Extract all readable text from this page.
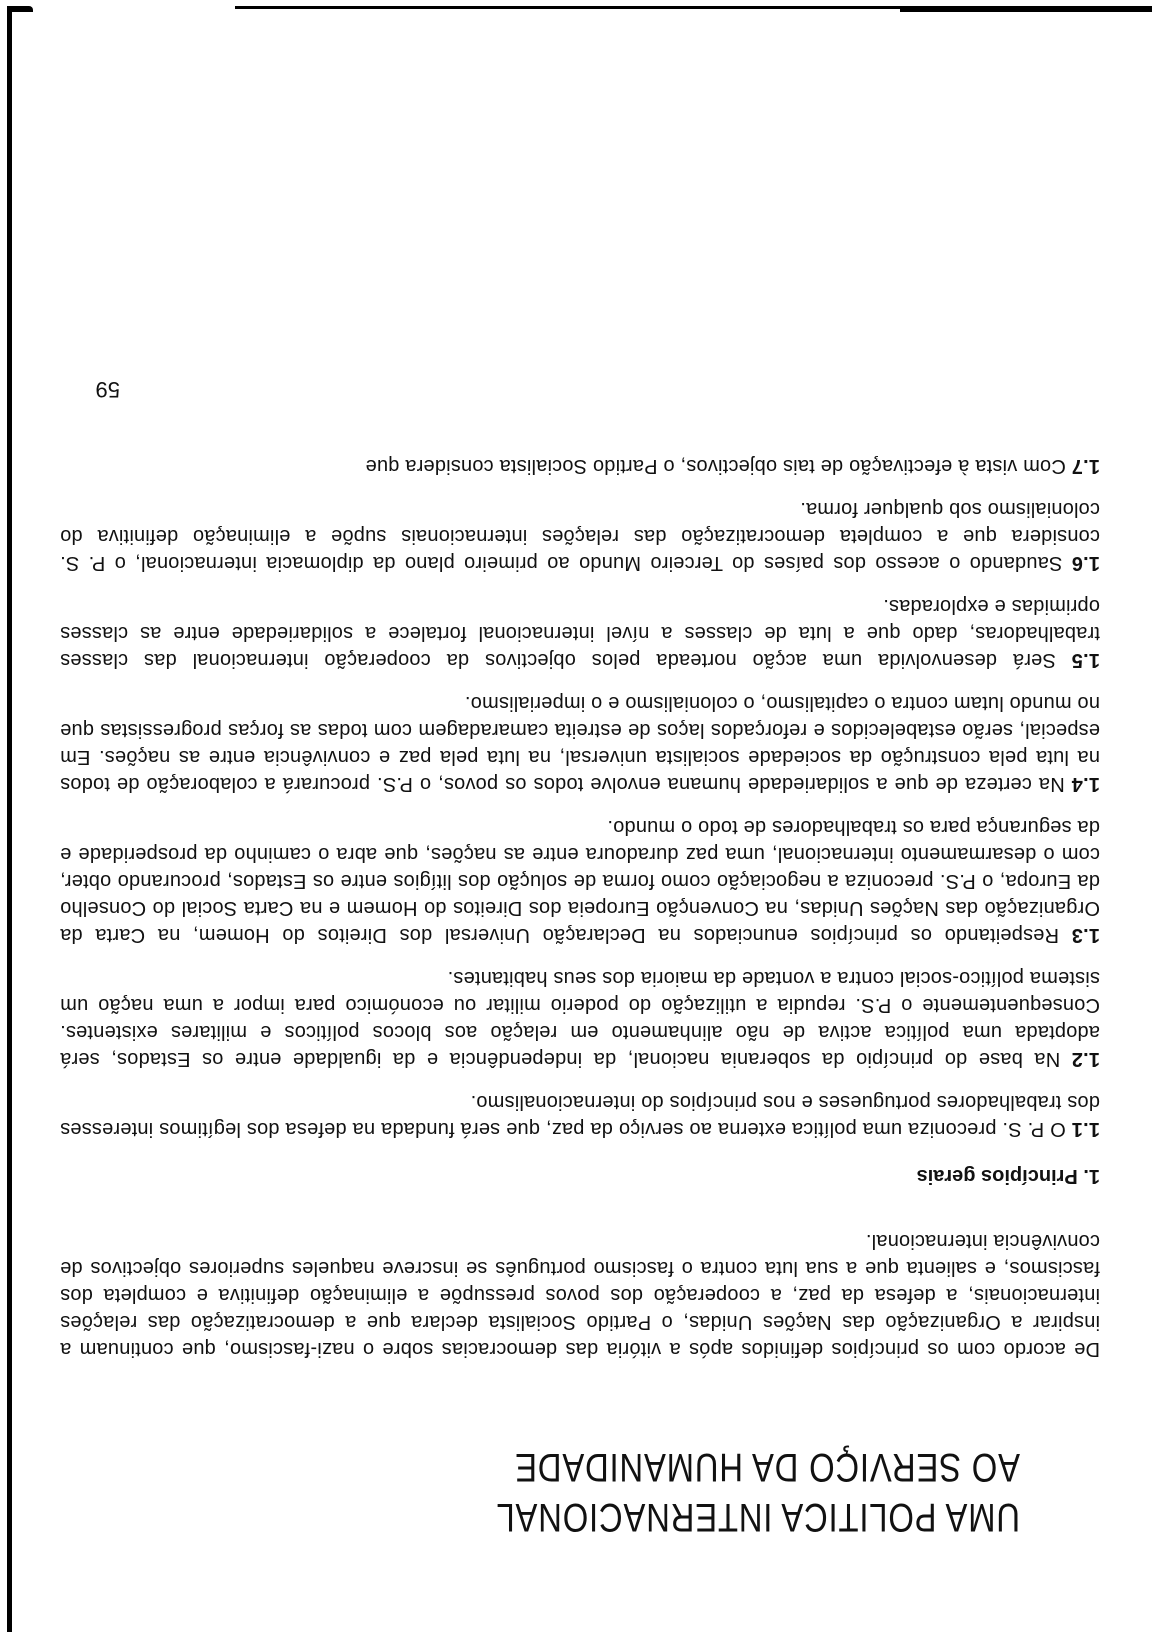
UMA POLITICA INTERNACIONAL
AO SERVIÇO DA HUMANIDADE

De acordo com os princípios definidos após a vitória das democracias sobre o nazi-fascismo, que continuam a inspirar a Organização das Nações Unidas, o Partido Socialista declara que a democratização das relações internacionais, a defesa da paz, a cooperação dos povos pressupõe a eliminação definitiva e completa dos fascismos, e salienta que a sua luta contra o fascismo português se inscreve naqueles superiores objectivos de convivência internacional.

1. Princípios gerais

1.1 O P. S. preconiza uma política externa ao serviço da paz, que será fundada na defesa dos legítimos interesses dos trabalhadores portugueses e nos princípios do internacionalismo.

1.2 Na base do princípio da soberania nacional, da independência e da igualdade entre os Estados, será adoptada uma política activa de não alinhamento em relação aos blocos políticos e militares existentes. Consequentemente o P.S. repudia a utilização do poderio militar ou económico para impor a uma nação um sistema político-social contra a vontade da maioria dos seus habitantes.

1.3 Respeitando os princípios enunciados na Declaração Universal dos Direitos do Homem, na Carta da Organização das Nações Unidas, na Convenção Europeia dos Direitos do Homem e na Carta Social do Conselho da Europa, o P.S. preconiza a negociação como forma de solução dos litígios entre os Estados, procurando obter, com o desarmamento internacional, uma paz duradoura entre as nações, que abra o caminho da prosperidade e da segurança para os trabalhadores de todo o mundo.

1.4 Na certeza de que a solidariedade humana envolve todos os povos, o P.S. procurará a colaboração de todos na luta pela construção da sociedade socialista universal, na luta pela paz e convivência entre as nações. Em especial, serão estabelecidos e reforçados laços de estreita camaradagem com todas as forças progressistas que no mundo lutam contra o capitalismo, o colonialismo e o imperialismo.

1.5 Será desenvolvida uma acção norteada pelos objectivos da cooperação internacional das classes trabalhadoras, dado que a luta de classes a nível internacional fortalece a solidariedade entre as classes oprimidas e exploradas.

1.6 Saudando o acesso dos países do Terceiro Mundo ao primeiro plano da diplomacia internacional, o P. S. considera que a completa democratização das relações internacionais supõe a eliminação definitiva do colonialismo sob qualquer forma.

1.7 Com vista à efectivação de tais objectivos, o Partido Socialista considera que

59
